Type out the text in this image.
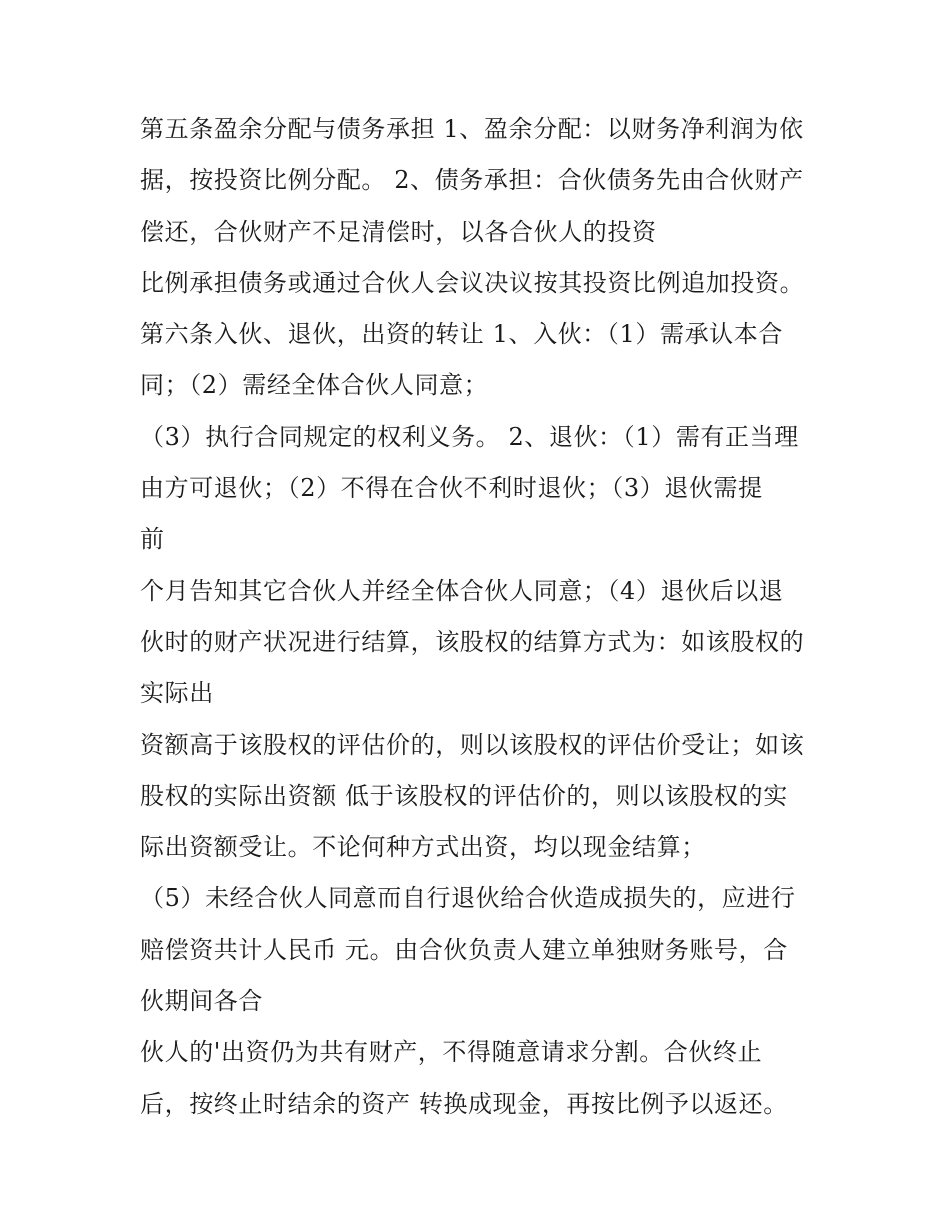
第五条盈余分配与债务承担 1、盈余分配：以财务净利润为依
据，按投资比例分配。 2、债务承担：合伙债务先由合伙财产
偿还，合伙财产不足清偿时，以各合伙人的投资
比例承担债务或通过合伙人会议决议按其投资比例追加投资。
第六条入伙、退伙，出资的转让 1、入伙：（1）需承认本合
同；（2）需经全体合伙人同意；
（3）执行合同规定的权利义务。 2、退伙：（1）需有正当理
由方可退伙；（2）不得在合伙不利时退伙；（3）退伙需提
前
个月告知其它合伙人并经全体合伙人同意；（4）退伙后以退
伙时的财产状况进行结算，该股权的结算方式为：如该股权的
实际出
资额高于该股权的评估价的，则以该股权的评估价受让；如该
股权的实际出资额 低于该股权的评估价的，则以该股权的实
际出资额受让。不论何种方式出资，均以现金结算；
（5）未经合伙人同意而自行退伙给合伙造成损失的，应进行
赔偿资共计人民币 元。由合伙负责人建立单独财务账号，合
伙期间各合
伙人的'出资仍为共有财产，不得随意请求分割。合伙终止
后，按终止时结余的资产 转换成现金，再按比例予以返还。
